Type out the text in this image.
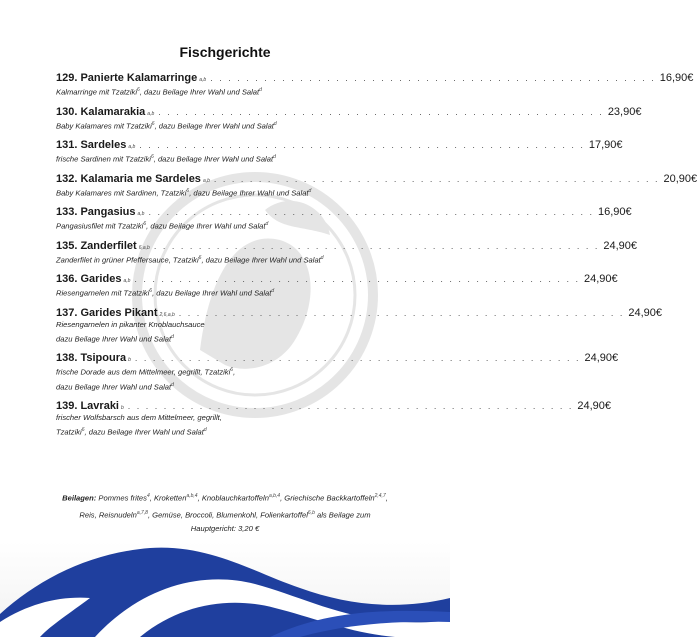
Fischgerichte
129. Panierte Kalamarringe a,b . . . . . . . . . . . . . . . . . . . . . . . . . . . . . . . . . . . . . . . . . . . . . . . . . . 16,90€
Kalmarringe mit Tzatziki$^6$, dazu Beilage Ihrer Wahl und Salat$^d$
130. Kalamarakia a,b . . . . . . . . . . . . . . . . . . . . . . . . . . . . . . . . . . . . . . . . . . . . . . . . . . 23,90€
Baby Kalamares mit Tzatziki$^6$, dazu Beilage Ihrer Wahl und Salat$^d$
131. Sardeles a,b . . . . . . . . . . . . . . . . . . . . . . . . . . . . . . . . . . . . . . . . . . . . . . . . . . 17,90€
frische Sardinen mit Tzatziki$^6$, dazu Beilage Ihrer Wahl und Salat$^d$
132. Kalamaria me Sardeles a,b . . . . . . . . . . . . . . . . . . . . . . . . . . . . . . . . . . . . . . . . . . . . . . . . . . 20,90€
Baby Kalamares mit Sardinen, Tzatziki$^6$, dazu Beilage Ihrer Wahl und Salat$^d$
133. Pangasius a,b . . . . . . . . . . . . . . . . . . . . . . . . . . . . . . . . . . . . . . . . . . . . . . . . . . 16,90€
Pangasiusfilet mit Tzatziki$^6$, dazu Beilage Ihrer Wahl und Salat$^d$
135. Zanderfilet 6,a,b . . . . . . . . . . . . . . . . . . . . . . . . . . . . . . . . . . . . . . . . . . . . . . . . . . 24,90€
Zanderfilet in grüner Pfeffersauce, Tzatziki$^6$, dazu Beilage Ihrer Wahl und Salat$^d$
136. Garides a,b . . . . . . . . . . . . . . . . . . . . . . . . . . . . . . . . . . . . . . . . . . . . . . . . . . 24,90€
Riesengarnelen mit Tzatziki$^6$, dazu Beilage Ihrer Wahl und Salat$^d$
137. Garides Pikant 2,6,a,b . . . . . . . . . . . . . . . . . . . . . . . . . . . . . . . . . . . . . . . . . . . . . . . . . . 24,90€
Riesengarnelen in pikanter Knoblauchsauce
dazu Beilage Ihrer Wahl und Salat$^d$
138. Tsipoura b . . . . . . . . . . . . . . . . . . . . . . . . . . . . . . . . . . . . . . . . . . . . . . . . . . 24,90€
frische Dorade aus dem Mittelmeer, gegrillt, Tzatziki$^6$,
dazu Beilage Ihrer Wahl und Salat$^d$
139. Lavraki b . . . . . . . . . . . . . . . . . . . . . . . . . . . . . . . . . . . . . . . . . . . . . . . . . . 24,90€
frischer Wolfsbarsch aus dem Mittelmeer, gegrillt,
Tzatziki$^6$, dazu Beilage Ihrer Wahl und Salat$^d$
Beilagen: Pommes frites$^4$, Kroketten$^{a,b,4}$, Knoblauchkartoffeln$^{a,b,4}$, Griechische Backkartoffeln$^{2,4,7}$, Reis, Reisnudeln$^{a,7,8}$, Gemüse, Broccoli, Blumenkohl, Folienkartoffel$^{6,b}$ als Beilage zum Hauptgericht: 3,20 €
